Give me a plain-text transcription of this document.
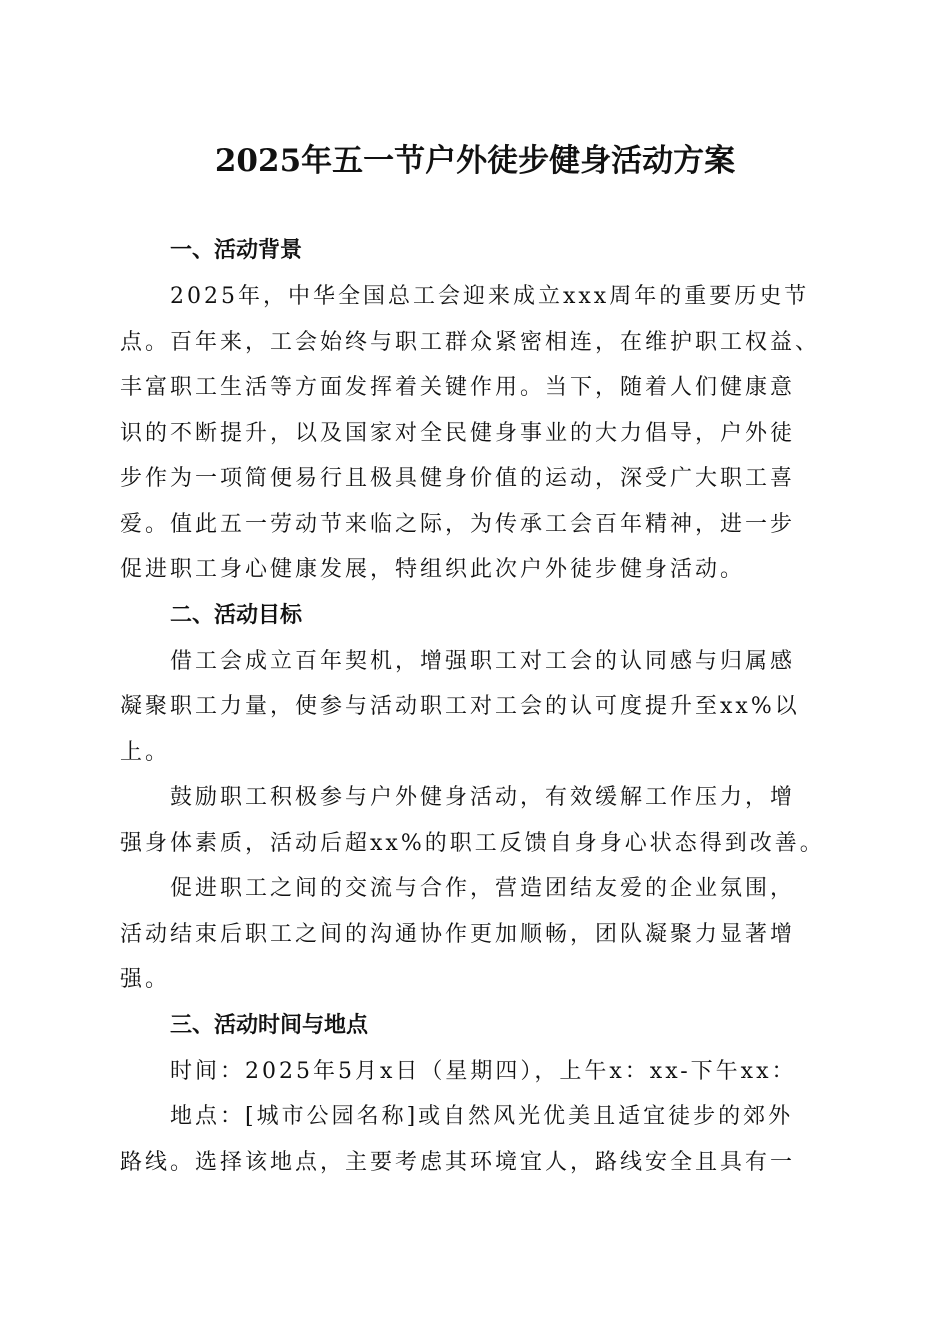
2025年五一节户外徒步健身活动方案
一、活动背景
2025年，中华全国总工会迎来成立xxx周年的重要历史节
点。百年来，工会始终与职工群众紧密相连，在维护职工权益、
丰富职工生活等方面发挥着关键作用。当下，随着人们健康意
识的不断提升，以及国家对全民健身事业的大力倡导，户外徒
步作为一项简便易行且极具健身价值的运动，深受广大职工喜
爱。值此五一劳动节来临之际，为传承工会百年精神，进一步
促进职工身心健康发展，特组织此次户外徒步健身活动。
二、活动目标
借工会成立百年契机，增强职工对工会的认同感与归属感
凝聚职工力量，使参与活动职工对工会的认可度提升至xx%以
上。
鼓励职工积极参与户外健身活动，有效缓解工作压力，增
强身体素质，活动后超xx%的职工反馈自身身心状态得到改善。
促进职工之间的交流与合作，营造团结友爱的企业氛围，
活动结束后职工之间的沟通协作更加顺畅，团队凝聚力显著增
强。
三、活动时间与地点
时间：2025年5月x日（星期四），上午x：xx-下午xx：
地点：[城市公园名称]或自然风光优美且适宜徒步的郊外
路线。选择该地点，主要考虑其环境宜人，路线安全且具有一
